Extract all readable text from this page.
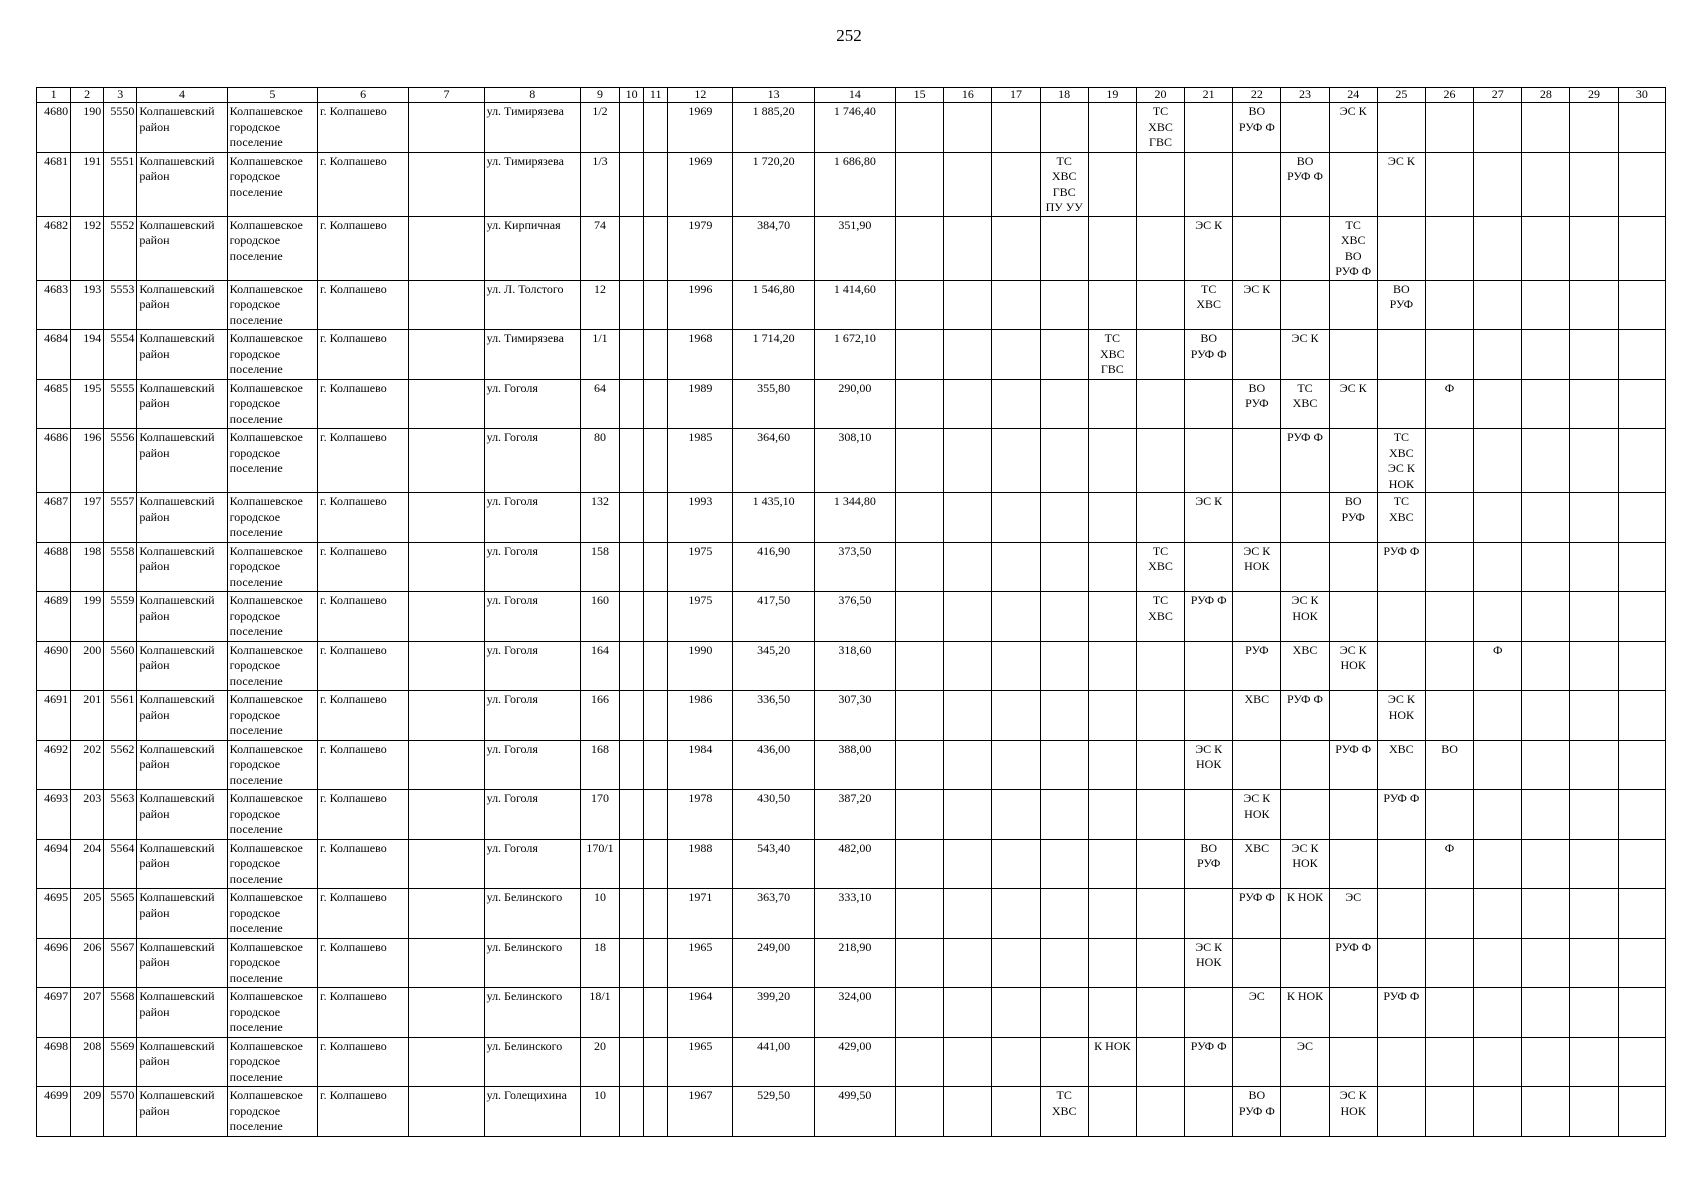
252
1	2	3	4	5	6	7	8	9	10	11	12	13	14	15	16	17	18	19	20	21	22	23	24	25	26	27	28	29	30
4680	190	5550	Колпашевский район	Колпашевское городское поселение	г. Колпашево		ул. Тимирязева	1/2			1969	1 885,20	1 746,40						ТС
ХВС
ГВС		ВО
РУФ Ф		ЭС К						
4681	191	5551	Колпашевский район	Колпашевское городское поселение	г. Колпашево		ул. Тимирязева	1/3			1969	1 720,20	1 686,80				ТС
ХВС
ГВС
ПУ УУ					ВО
РУФ Ф		ЭС К					
4682	192	5552	Колпашевский район	Колпашевское городское поселение	г. Колпашево		ул. Кирпичная	74			1979	384,70	351,90							ЭС К			ТС
ХВС
ВО
РУФ Ф						
4683	193	5553	Колпашевский район	Колпашевское городское поселение	г. Колпашево		ул. Л. Толстого	12			1996	1 546,80	1 414,60							ТС
ХВС	ЭС К			ВО
РУФ					
4684	194	5554	Колпашевский район	Колпашевское городское поселение	г. Колпашево		ул. Тимирязева	1/1			1968	1 714,20	1 672,10					ТС
ХВС
ГВС		ВО
РУФ Ф		ЭС К							
4685	195	5555	Колпашевский район	Колпашевское городское поселение	г. Колпашево		ул. Гоголя	64			1989	355,80	290,00								ВО
РУФ	ТС
ХВС	ЭС К		Ф				
4686	196	5556	Колпашевский район	Колпашевское городское поселение	г. Колпашево		ул. Гоголя	80			1985	364,60	308,10									РУФ Ф		ТС
ХВС
ЭС К
НОК					
4687	197	5557	Колпашевский район	Колпашевское городское поселение	г. Колпашево		ул. Гоголя	132			1993	1 435,10	1 344,80							ЭС К			ВО
РУФ	ТС
ХВС					
4688	198	5558	Колпашевский район	Колпашевское городское поселение	г. Колпашево		ул. Гоголя	158			1975	416,90	373,50						ТС
ХВС		ЭС К
НОК			РУФ Ф					
4689	199	5559	Колпашевский район	Колпашевское городское поселение	г. Колпашево		ул. Гоголя	160			1975	417,50	376,50						ТС
ХВС	РУФ Ф		ЭС К
НОК							
4690	200	5560	Колпашевский район	Колпашевское городское поселение	г. Колпашево		ул. Гоголя	164			1990	345,20	318,60								РУФ	ХВС	ЭС К
НОК			Ф			
4691	201	5561	Колпашевский район	Колпашевское городское поселение	г. Колпашево		ул. Гоголя	166			1986	336,50	307,30								ХВС	РУФ Ф		ЭС К
НОК					
4692	202	5562	Колпашевский район	Колпашевское городское поселение	г. Колпашево		ул. Гоголя	168			1984	436,00	388,00							ЭС К
НОК			РУФ Ф	ХВС	ВО				
4693	203	5563	Колпашевский район	Колпашевское городское поселение	г. Колпашево		ул. Гоголя	170			1978	430,50	387,20								ЭС К
НОК			РУФ Ф					
4694	204	5564	Колпашевский район	Колпашевское городское поселение	г. Колпашево		ул. Гоголя	170/1			1988	543,40	482,00							ВО
РУФ	ХВС	ЭС К
НОК			Ф				
4695	205	5565	Колпашевский район	Колпашевское городское поселение	г. Колпашево		ул. Белинского	10			1971	363,70	333,10								РУФ Ф	К НОК	ЭС						
4696	206	5567	Колпашевский район	Колпашевское городское поселение	г. Колпашево		ул. Белинского	18			1965	249,00	218,90							ЭС К
НОК			РУФ Ф						
4697	207	5568	Колпашевский район	Колпашевское городское поселение	г. Колпашево		ул. Белинского	18/1			1964	399,20	324,00								ЭС	К НОК		РУФ Ф					
4698	208	5569	Колпашевский район	Колпашевское городское поселение	г. Колпашево		ул. Белинского	20			1965	441,00	429,00					К НОК		РУФ Ф		ЭС							
4699	209	5570	Колпашевский район	Колпашевское городское поселение	г. Колпашево		ул. Голещихина	10			1967	529,50	499,50				ТС
ХВС				ВО
РУФ Ф		ЭС К
НОК						
